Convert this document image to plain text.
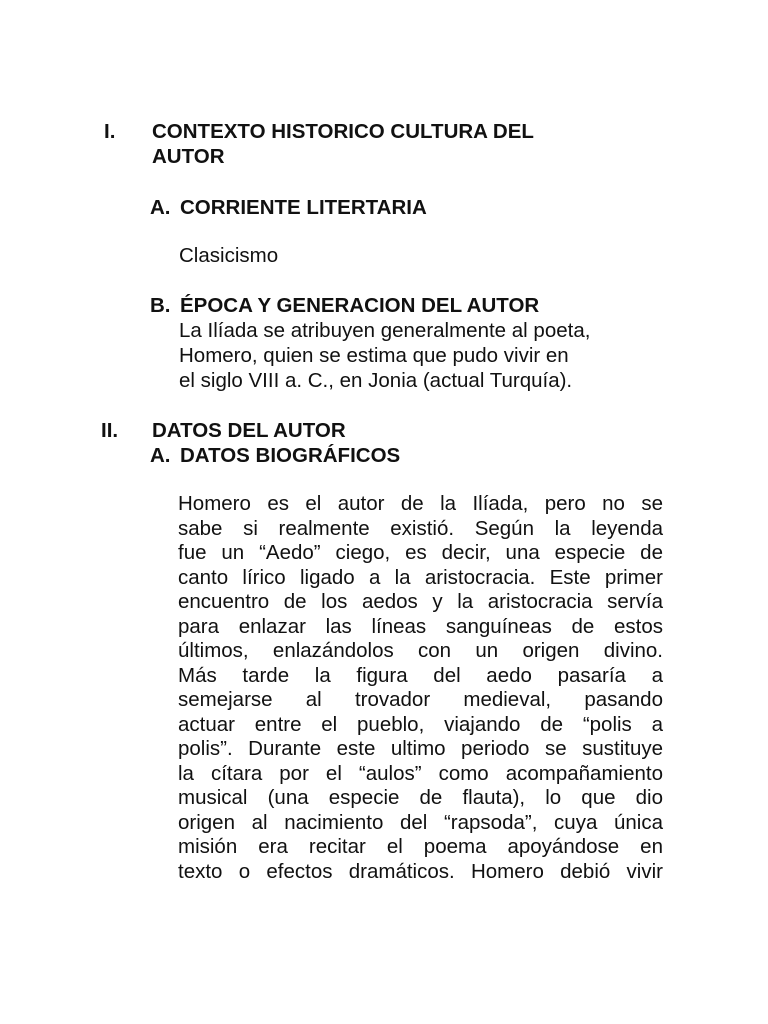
I. CONTEXTO HISTORICO CULTURA DEL
AUTOR
A. CORRIENTE LITERTARIA
Clasicismo
B. ÉPOCA Y GENERACION DEL AUTOR
La Ilíada se atribuyen generalmente al poeta,
Homero, quien se estima que pudo vivir en
el siglo VIII a. C., en Jonia (actual Turquía).
II. DATOS DEL AUTOR
A. DATOS BIOGRÁFICOS
Homero es el autor de la Ilíada, pero no se
sabe si realmente existió. Según la leyenda
fue un “Aedo” ciego, es decir, una especie de
canto lírico ligado a la aristocracia. Este primer
encuentro de los aedos y la aristocracia servía
para enlazar las líneas sanguíneas de estos
últimos, enlazándolos con un origen divino.
Más tarde la figura del aedo pasaría a
semejarse al trovador medieval, pasando
actuar entre el pueblo, viajando de “polis a
polis”. Durante este ultimo periodo se sustituye
la cítara por el “aulos” como acompañamiento
musical (una especie de flauta), lo que dio
origen al nacimiento del “rapsoda”, cuya única
misión era recitar el poema apoyándose en
texto o efectos dramáticos. Homero debió vivir
